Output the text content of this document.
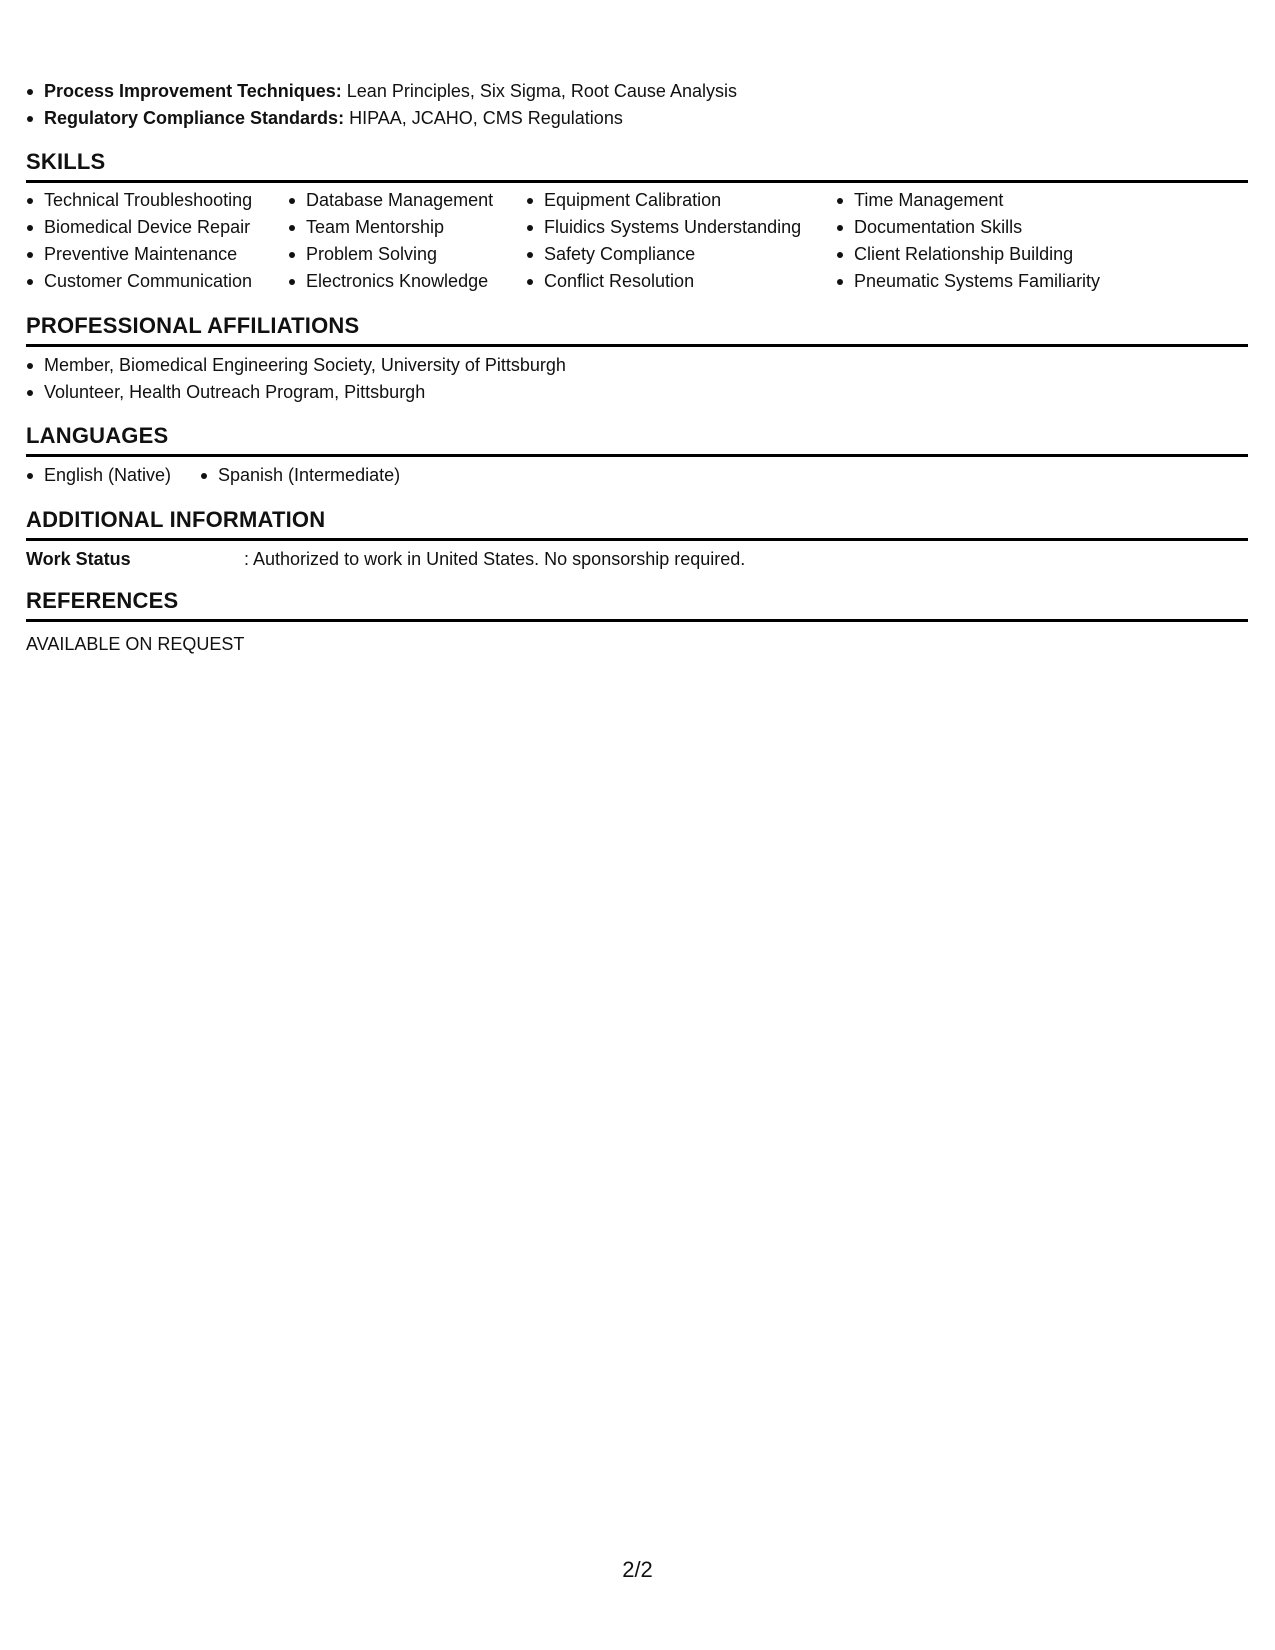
Process Improvement Techniques: Lean Principles, Six Sigma, Root Cause Analysis
Regulatory Compliance Standards: HIPAA, JCAHO, CMS Regulations
SKILLS
Technical Troubleshooting
Biomedical Device Repair
Preventive Maintenance
Customer Communication
Database Management
Team Mentorship
Problem Solving
Electronics Knowledge
Equipment Calibration
Fluidics Systems Understanding
Safety Compliance
Conflict Resolution
Time Management
Documentation Skills
Client Relationship Building
Pneumatic Systems Familiarity
PROFESSIONAL AFFILIATIONS
Member, Biomedical Engineering Society, University of Pittsburgh
Volunteer, Health Outreach Program, Pittsburgh
LANGUAGES
English (Native)	Spanish (Intermediate)
ADDITIONAL INFORMATION
Work Status	: Authorized to work in United States. No sponsorship required.
REFERENCES
AVAILABLE ON REQUEST
2/2
